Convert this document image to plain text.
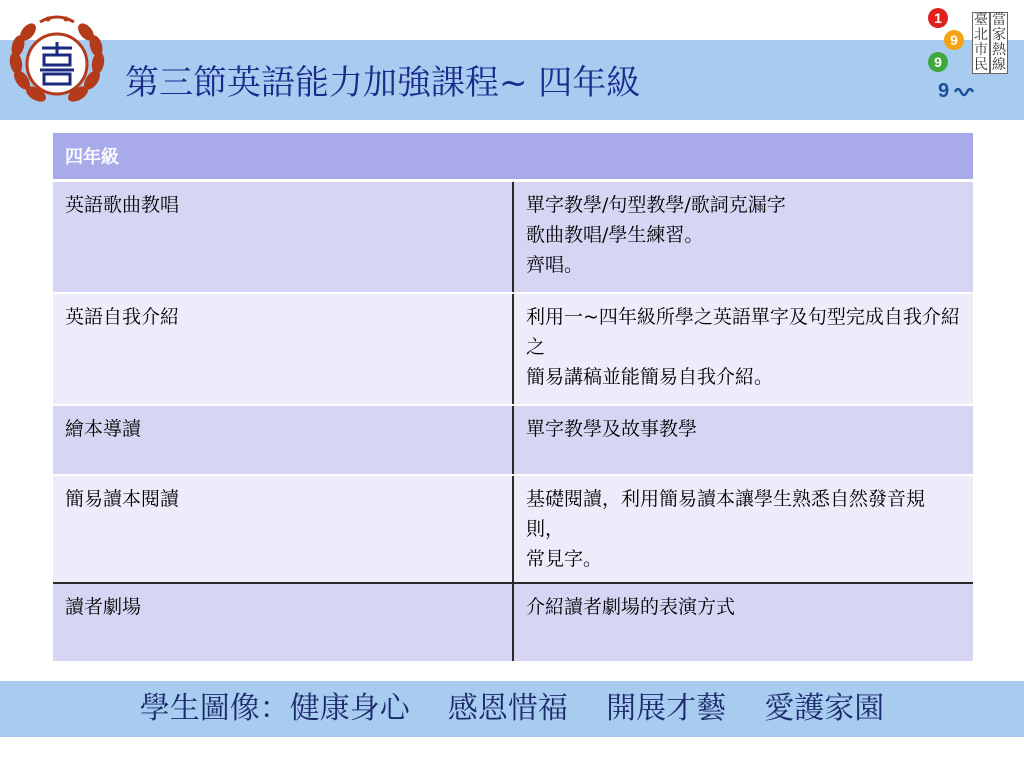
第三節英語能力加強課程~ 四年級
1
9
9
9
臺
北
市
民
當
家
熱
線
四年級	
英語歌曲教唱	單字教學/句型教學/歌詞克漏字
歌曲教唱/學生練習。
齊唱。

英語自我介紹	利用一~四年級所學之英語單字及句型完成自我介紹之
簡易講稿並能簡易自我介紹。

繪本導讀	單字教學及故事教學

簡易讀本閱讀	基礎閱讀，利用簡易讀本讓學生熟悉自然發音規則，
常見字。

讀者劇場	介紹讀者劇場的表演方式
學生圖像：健康身心    感恩惜福    開展才藝    愛護家園
